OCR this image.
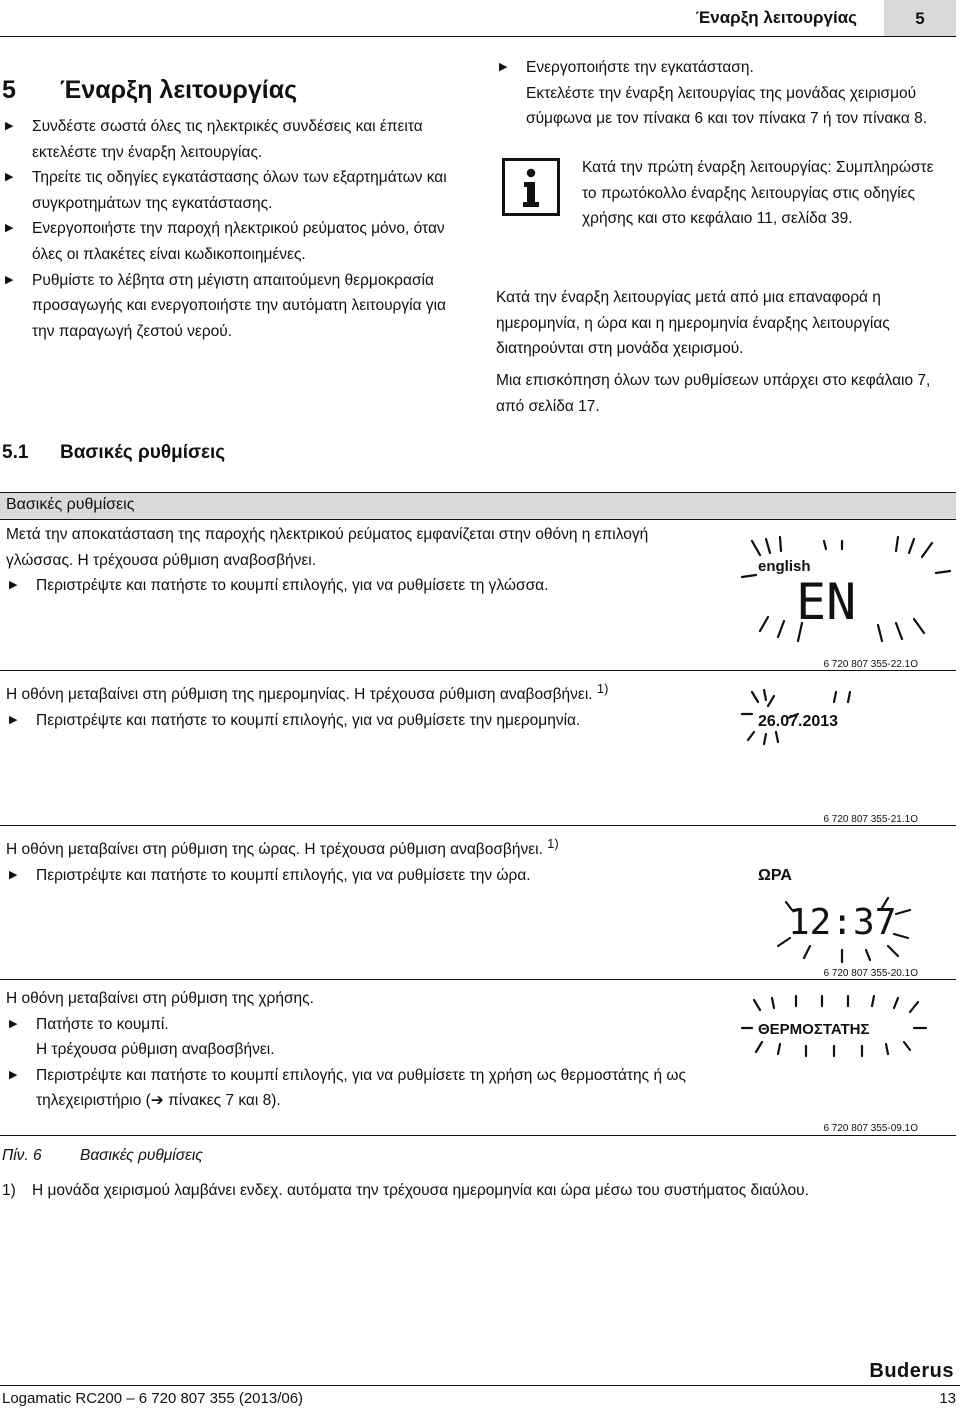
Έναρξη λειτουργίας	5
5 Έναρξη λειτουργίας
▶ Συνδέστε σωστά όλες τις ηλεκτρικές συνδέσεις και έπειτα εκτελέστε την έναρξη λειτουργίας.
▶ Τηρείτε τις οδηγίες εγκατάστασης όλων των εξαρτημάτων και συγκροτημάτων της εγκατάστασης.
▶ Ενεργοποιήστε την παροχή ηλεκτρικού ρεύματος μόνο, όταν όλες οι πλακέτες είναι κωδικοποιημένες.
▶ Ρυθμίστε το λέβητα στη μέγιστη απαιτούμενη θερμοκρασία προσαγωγής και ενεργοποιήστε την αυτόματη λειτουργία για την παραγωγή ζεστού νερού.
▶ Ενεργοποιήστε την εγκατάσταση.
Εκτελέστε την έναρξη λειτουργίας της μονάδας χειρισμού σύμφωνα με τον πίνακα 6 και τον πίνακα 7 ή τον πίνακα 8.
Κατά την πρώτη έναρξη λειτουργίας: Συμπληρώστε το πρωτόκολλο έναρξης λειτουργίας στις οδηγίες χρήσης και στο κεφάλαιο 11, σελίδα 39.
Κατά την έναρξη λειτουργίας μετά από μια επαναφορά η ημερομηνία, η ώρα και η ημερομηνία έναρξης λειτουργίας διατηρούνται στη μονάδα χειρισμού.
Μια επισκόπηση όλων των ρυθμίσεων υπάρχει στο κεφάλαιο 7, από σελίδα 17.
5.1 Βασικές ρυθμίσεις
Βασικές ρυθμίσεις
Μετά την αποκατάσταση της παροχής ηλεκτρικού ρεύματος εμφανίζεται στην οθόνη η επιλογή γλώσσας. Η τρέχουσα ρύθμιση αναβοσβήνει.
▶ Περιστρέψτε και πατήστε το κουμπί επιλογής, για να ρυθμίσετε τη γλώσσα.
english
EN
6 720 807 355-22.1O
Η οθόνη μεταβαίνει στη ρύθμιση της ημερομηνίας. Η τρέχουσα ρύθμιση αναβοσβήνει. $^{1)}$
▶ Περιστρέψτε και πατήστε το κουμπί επιλογής, για να ρυθμίσετε την ημερομηνία.	26.07.2013
6 720 807 355-21.1O
Η οθόνη μεταβαίνει στη ρύθμιση της ώρας. Η τρέχουσα ρύθμιση αναβοσβήνει. $^{1)}$
▶ Περιστρέψτε και πατήστε το κουμπί επιλογής, για να ρυθμίσετε την ώρα.	ΩΡΑ
12:37
6 720 807 355-20.1O
Η οθόνη μεταβαίνει στη ρύθμιση της χρήσης.
▶ Πατήστε το κουμπί.
Η τρέχουσα ρύθμιση αναβοσβήνει.
▶ Περιστρέψτε και πατήστε το κουμπί επιλογής, για να ρυθμίσετε τη χρήση ως θερμοστάτης ή ως τηλεχειριστήριο (➔ πίνακες 7 και 8).
ΘΕΡΜΟΣΤΑΤΗΣ
6 720 807 355-09.1O
Πίν. 6 Βασικές ρυθμίσεις
1) Η μονάδα χειρισμού λαμβάνει ενδεχ. αυτόματα την τρέχουσα ημερομηνία και ώρα μέσω του συστήματος διαύλου.
Buderus
Logamatic RC200 – 6 720 807 355 (2013/06)	13
